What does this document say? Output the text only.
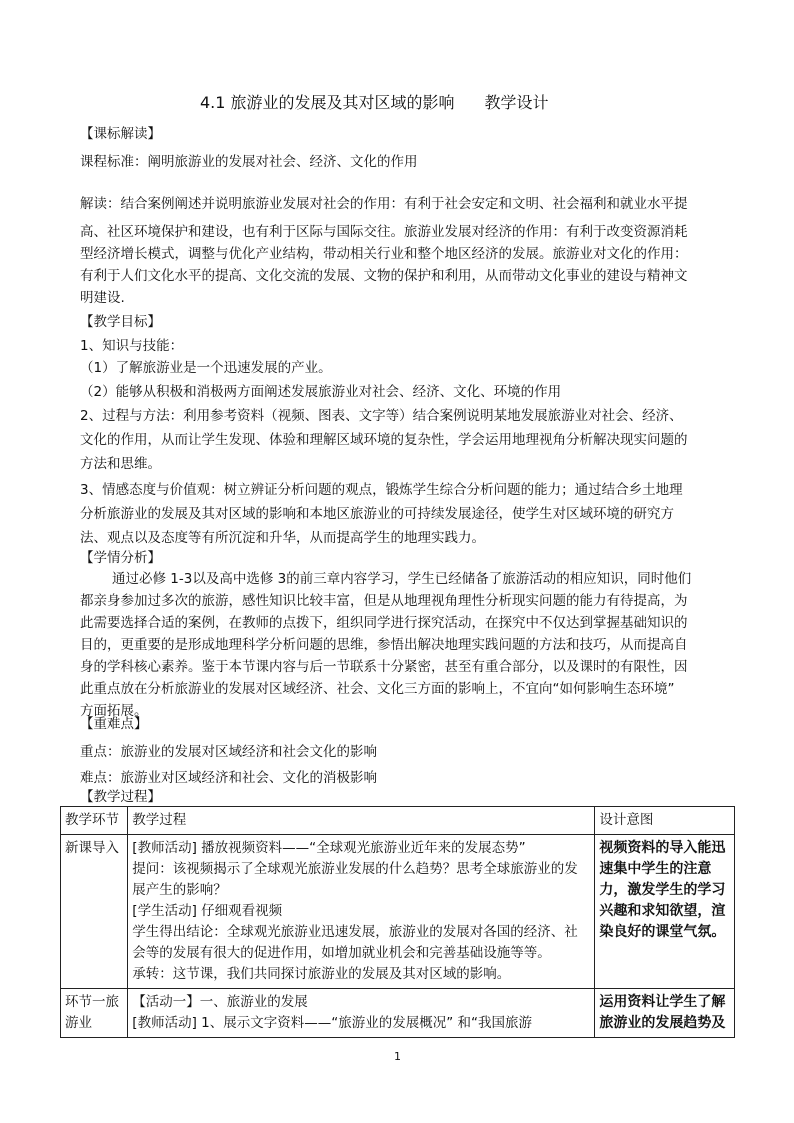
4.1 旅游业的发展及其对区域的影响 教学设计
【课标解读】
课程标准：阐明旅游业的发展对社会、经济、文化的作用
解读：结合案例阐述并说明旅游业发展对社会的作用：有利于社会安定和文明、社会福利和就业水平提
高、社区环境保护和建设，也有利于区际与国际交往。旅游业发展对经济的作用：有利于改变资源消耗
型经济增长模式，调整与优化产业结构，带动相关行业和整个地区经济的发展。旅游业对文化的作用：
有利于人们文化水平的提高、文化交流的发展、文物的保护和利用，从而带动文化事业的建设与精神文
明建设.
【教学目标】
1、知识与技能：
（1）了解旅游业是一个迅速发展的产业。
（2）能够从积极和消极两方面阐述发展旅游业对社会、经济、文化、环境的作用
2、过程与方法：利用参考资料（视频、图表、文字等）结合案例说明某地发展旅游业对社会、经济、
文化的作用，从而让学生发现、体验和理解区域环境的复杂性，学会运用地理视角分析解决现实问题的
方法和思维。
3、情感态度与价值观：树立辨证分析问题的观点，锻炼学生综合分析问题的能力；通过结合乡土地理
分析旅游业的发展及其对区域的影响和本地区旅游业的可持续发展途径，使学生对区域环境的研究方
法、观点以及态度等有所沉淀和升华，从而提高学生的地理实践力。
【学情分析】
通过必修 1-3以及高中选修 3的前三章内容学习，学生已经储备了旅游活动的相应知识，同时他们
都亲身参加过多次的旅游，感性知识比较丰富，但是从地理视角理性分析现实问题的能力有待提高，为
此需要选择合适的案例，在教师的点拨下，组织同学进行探究活动，在探究中不仅达到掌握基础知识的
目的，更重要的是形成地理科学分析问题的思维，参悟出解决地理实践问题的方法和技巧，从而提高自
身的学科核心素养。鉴于本节课内容与后一节联系十分紧密，甚至有重合部分，以及课时的有限性，因
此重点放在分析旅游业的发展对区域经济、社会、文化三方面的影响上，不宜向“如何影响生态环境”
方面拓展。
【重难点】
重点：旅游业的发展对区域经济和社会文化的影响
难点：旅游业对区域经济和社会、文化的消极影响
【教学过程】
教学环节	教学过程	设计意图
新课导入	[教师活动] 播放视频资料——“全球观光旅游业近年来的发展态势”
提问：该视频揭示了全球观光旅游业发展的什么趋势？思考全球旅游业的发展产生的影响？
[学生活动] 仔细观看视频
学生得出结论：全球观光旅游业迅速发展，旅游业的发展对各国的经济、社会等的发展有很大的促进作用，如增加就业机会和完善基础设施等等。
承转：这节课，我们共同探讨旅游业的发展及其对区域的影响。	视频资料的导入能迅速集中学生的注意力，激发学生的学习兴趣和求知欲望，渲染良好的课堂气氛。
环节一旅游业	【活动一】一、旅游业的发展
[教师活动] 1、展示文字资料——“旅游业的发展概况” 和“我国旅游	运用资料让学生了解旅游业的发展趋势及
1
